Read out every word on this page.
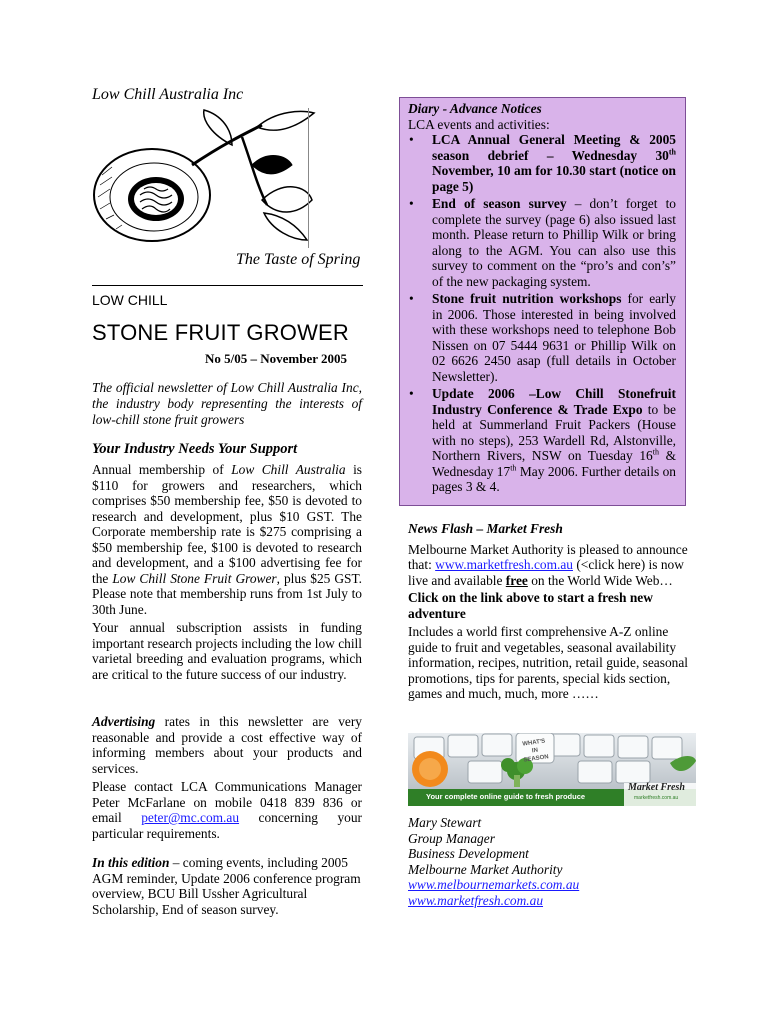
Low Chill Australia Inc
The Taste of Spring
LOW CHILL
STONE FRUIT GROWER
No 5/05 – November 2005
The official newsletter of Low Chill Australia Inc, the industry body representing the interests of low-chill stone fruit growers
Your Industry Needs Your Support

Annual membership of Low Chill Australia is $110 for growers and researchers, which comprises $50 membership fee, $50 is devoted to research and development, plus $10 GST. The Corporate membership rate is $275 comprising a $50 membership fee, $100 is devoted to research and development, and a $100 advertising fee for the Low Chill Stone Fruit Grower, plus $25 GST. Please note that membership runs from 1st July to 30th June.

Your annual subscription assists in funding important research projects including the low chill varietal breeding and evaluation programs, which are critical to the future success of our industry.

Advertising rates in this newsletter are very reasonable and provide a cost effective way of informing members about your products and services.

Please contact LCA Communications Manager Peter McFarlane on mobile 0418 839 836 or email peter@mc.com.au concerning your particular requirements.

In this edition – coming events, including 2005 AGM reminder, Update 2006 conference program overview, BCU Bill Ussher Agricultural Scholarship, End of season survey.
Diary - Advance Notices
LCA events and activities:
• LCA Annual General Meeting & 2005 season debrief – Wednesday 30th November, 10 am for 10.30 start (notice on page 5)
• End of season survey – don’t forget to complete the survey (page 6) also issued last month. Please return to Phillip Wilk or bring along to the AGM. You can also use this survey to comment on the “pro’s and con’s” of the new packaging system.
• Stone fruit nutrition workshops for early in 2006. Those interested in being involved with these workshops need to telephone Bob Nissen on 07 5444 9631 or Phillip Wilk on 02 6626 2450 asap (full details in October Newsletter).
• Update 2006 –Low Chill Stonefruit Industry Conference & Trade Expo to be held at Summerland Fruit Packers (House with no steps), 253 Wardell Rd, Alstonville, Northern Rivers, NSW on Tuesday 16th & Wednesday 17th May 2006. Further details on pages 3 & 4.

News Flash – Market Fresh

Melbourne Market Authority is pleased to announce that: www.marketfresh.com.au (<click here) is now live and available free on the World Wide Web…

Click on the link above to start a fresh new adventure

Includes a world first comprehensive A-Z online guide to fruit and vegetables, seasonal availability information, recipes, nutrition, retail guide, seasonal promotions, tips for parents, special kids section, games and much, much, more ……

WHAT'S IN SEASON
Your complete online guide to fresh produce
Market Fresh
marketfresh.com.au
Mary Stewart
Group Manager
Business Development
Melbourne Market Authority
www.melbournemarkets.com.au
www.marketfresh.com.au
